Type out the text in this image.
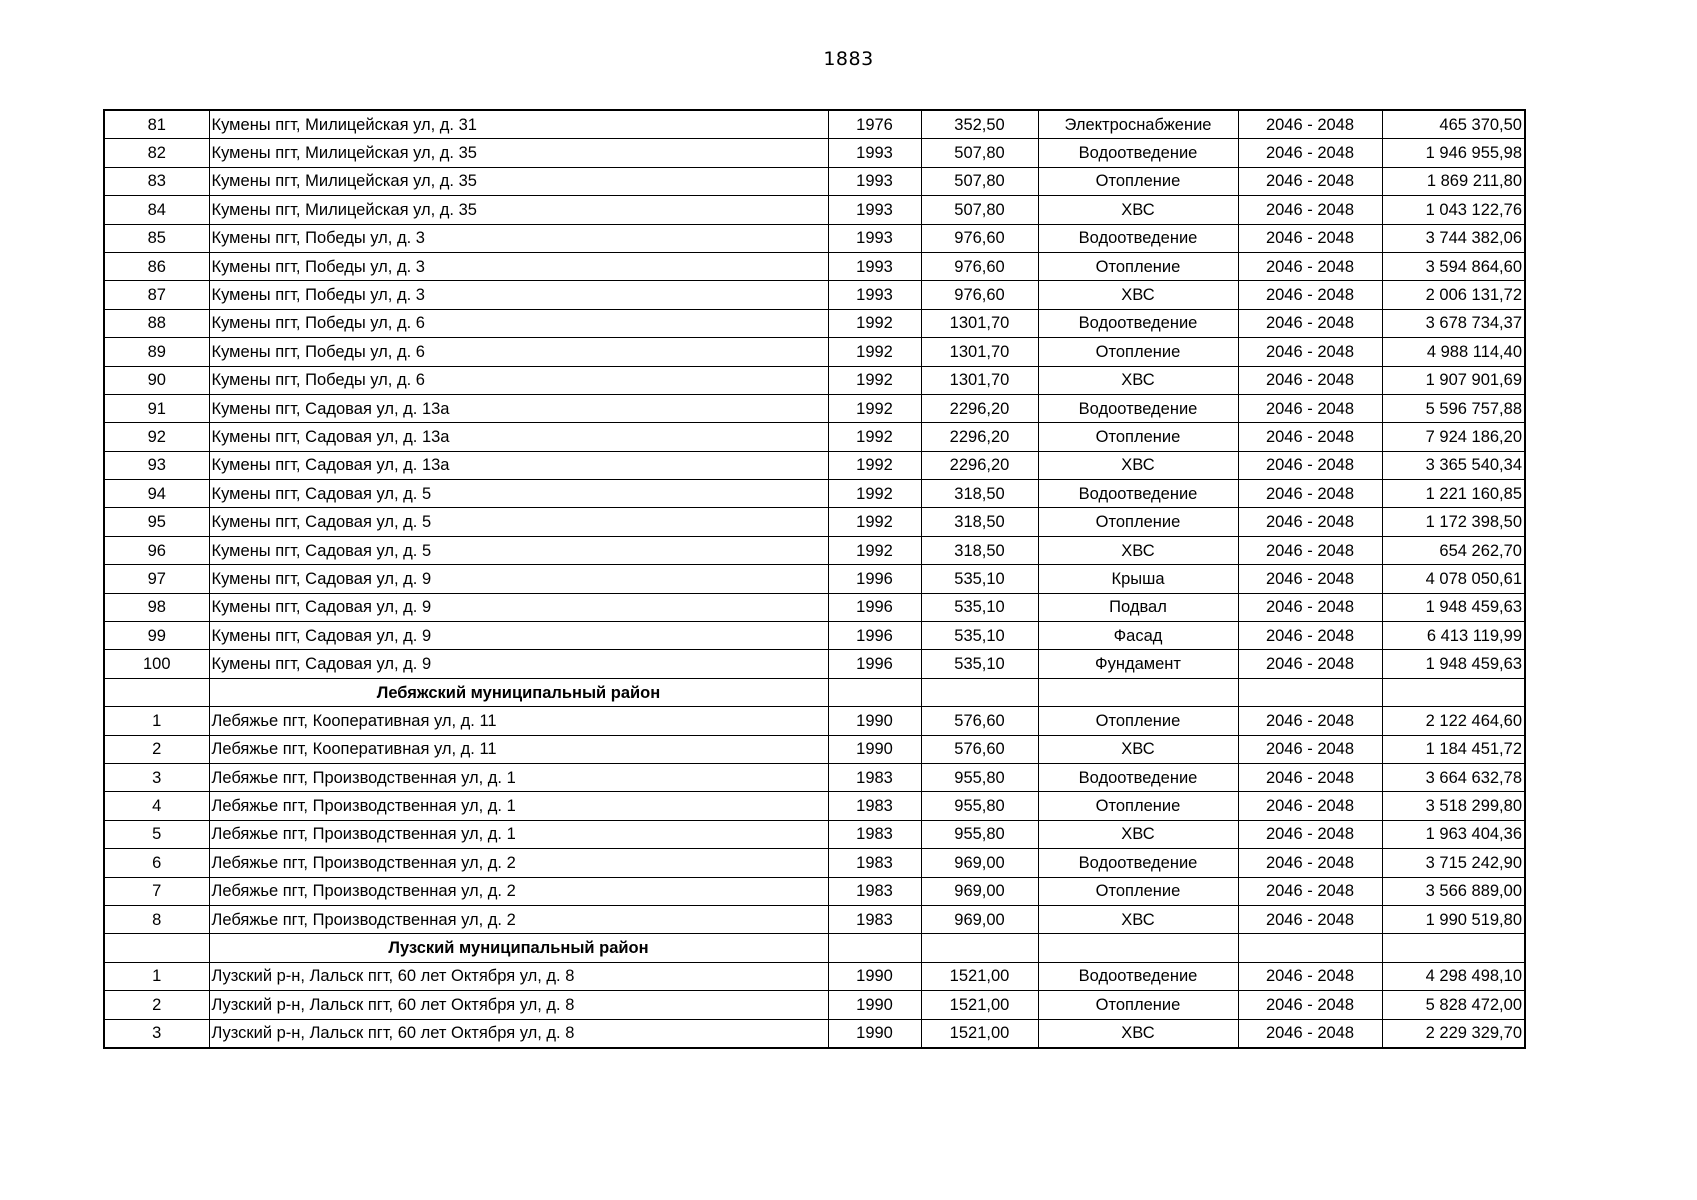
1883
81	Кумены пгт, Милицейская ул, д. 31	1976	352,50	Электроснабжение	2046 - 2048	465 370,50
82	Кумены пгт, Милицейская ул, д. 35	1993	507,80	Водоотведение	2046 - 2048	1 946 955,98
83	Кумены пгт, Милицейская ул, д. 35	1993	507,80	Отопление	2046 - 2048	1 869 211,80
84	Кумены пгт, Милицейская ул, д. 35	1993	507,80	ХВС	2046 - 2048	1 043 122,76
85	Кумены пгт, Победы ул, д. 3	1993	976,60	Водоотведение	2046 - 2048	3 744 382,06
86	Кумены пгт, Победы ул, д. 3	1993	976,60	Отопление	2046 - 2048	3 594 864,60
87	Кумены пгт, Победы ул, д. 3	1993	976,60	ХВС	2046 - 2048	2 006 131,72
88	Кумены пгт, Победы ул, д. 6	1992	1301,70	Водоотведение	2046 - 2048	3 678 734,37
89	Кумены пгт, Победы ул, д. 6	1992	1301,70	Отопление	2046 - 2048	4 988 114,40
90	Кумены пгт, Победы ул, д. 6	1992	1301,70	ХВС	2046 - 2048	1 907 901,69
91	Кумены пгт, Садовая ул, д. 13а	1992	2296,20	Водоотведение	2046 - 2048	5 596 757,88
92	Кумены пгт, Садовая ул, д. 13а	1992	2296,20	Отопление	2046 - 2048	7 924 186,20
93	Кумены пгт, Садовая ул, д. 13а	1992	2296,20	ХВС	2046 - 2048	3 365 540,34
94	Кумены пгт, Садовая ул, д. 5	1992	318,50	Водоотведение	2046 - 2048	1 221 160,85
95	Кумены пгт, Садовая ул, д. 5	1992	318,50	Отопление	2046 - 2048	1 172 398,50
96	Кумены пгт, Садовая ул, д. 5	1992	318,50	ХВС	2046 - 2048	654 262,70
97	Кумены пгт, Садовая ул, д. 9	1996	535,10	Крыша	2046 - 2048	4 078 050,61
98	Кумены пгт, Садовая ул, д. 9	1996	535,10	Подвал	2046 - 2048	1 948 459,63
99	Кумены пгт, Садовая ул, д. 9	1996	535,10	Фасад	2046 - 2048	6 413 119,99
100	Кумены пгт, Садовая ул, д. 9	1996	535,10	Фундамент	2046 - 2048	1 948 459,63
	Лебяжский муниципальный район					
1	Лебяжье пгт, Кооперативная ул, д. 11	1990	576,60	Отопление	2046 - 2048	2 122 464,60
2	Лебяжье пгт, Кооперативная ул, д. 11	1990	576,60	ХВС	2046 - 2048	1 184 451,72
3	Лебяжье пгт, Производственная ул, д. 1	1983	955,80	Водоотведение	2046 - 2048	3 664 632,78
4	Лебяжье пгт, Производственная ул, д. 1	1983	955,80	Отопление	2046 - 2048	3 518 299,80
5	Лебяжье пгт, Производственная ул, д. 1	1983	955,80	ХВС	2046 - 2048	1 963 404,36
6	Лебяжье пгт, Производственная ул, д. 2	1983	969,00	Водоотведение	2046 - 2048	3 715 242,90
7	Лебяжье пгт, Производственная ул, д. 2	1983	969,00	Отопление	2046 - 2048	3 566 889,00
8	Лебяжье пгт, Производственная ул, д. 2	1983	969,00	ХВС	2046 - 2048	1 990 519,80
	Лузский муниципальный район					
1	Лузский р-н, Лальск пгт, 60 лет Октября ул, д. 8	1990	1521,00	Водоотведение	2046 - 2048	4 298 498,10
2	Лузский р-н, Лальск пгт, 60 лет Октября ул, д. 8	1990	1521,00	Отопление	2046 - 2048	5 828 472,00
3	Лузский р-н, Лальск пгт, 60 лет Октября ул, д. 8	1990	1521,00	ХВС	2046 - 2048	2 229 329,70
